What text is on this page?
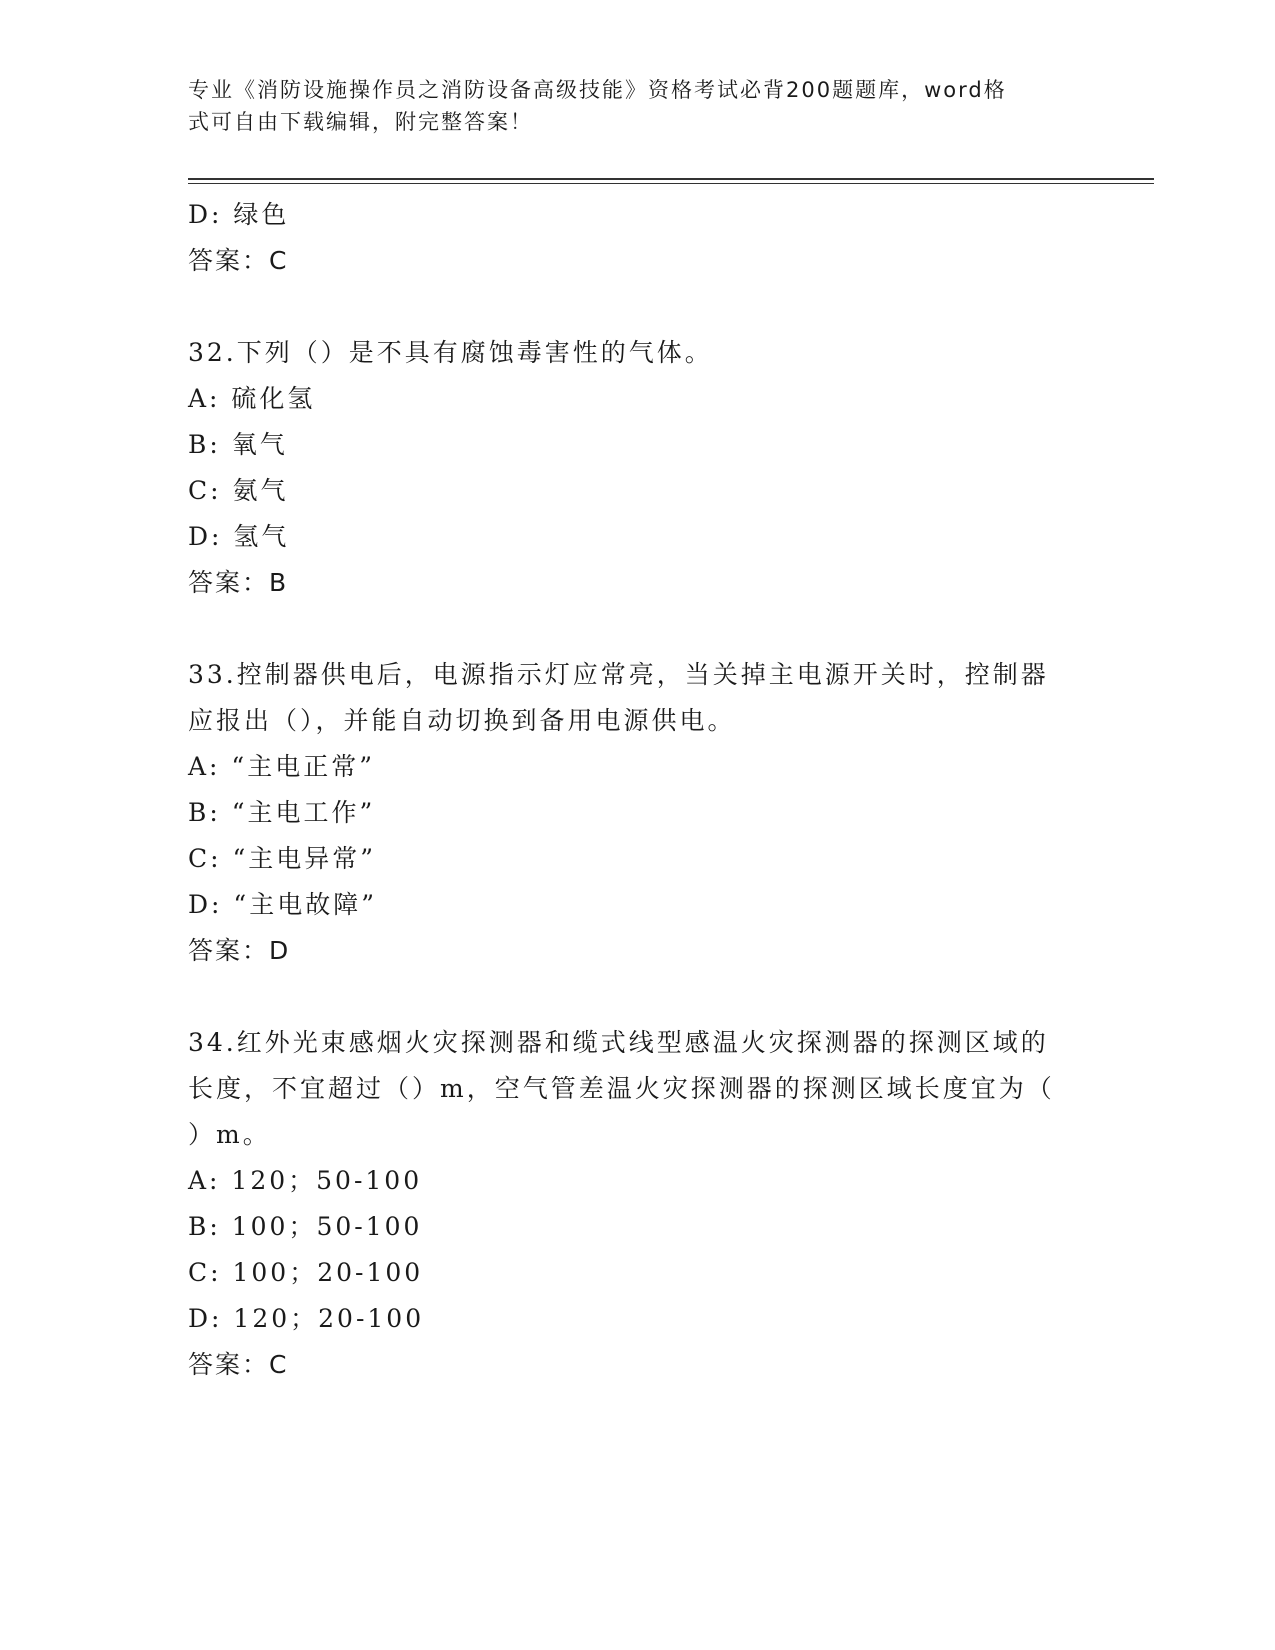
专业《消防设施操作员之消防设备高级技能》资格考试必背200题题库，word格
式可自由下载编辑，附完整答案！
D: 绿色
答案：C
32.下列（）是不具有腐蚀毒害性的气体。
A: 硫化氢
B: 氧气
C: 氨气
D: 氢气
答案：B
33.控制器供电后，电源指示灯应常亮，当关掉主电源开关时，控制器
应报出（），并能自动切换到备用电源供电。
A: “主电正常”
B: “主电工作”
C: “主电异常”
D: “主电故障”
答案：D
34.红外光束感烟火灾探测器和缆式线型感温火灾探测器的探测区域的
长度，不宜超过（）m，空气管差温火灾探测器的探测区域长度宜为（
）m。
A: 120；50-100
B: 100；50-100
C: 100；20-100
D: 120；20-100
答案：C
